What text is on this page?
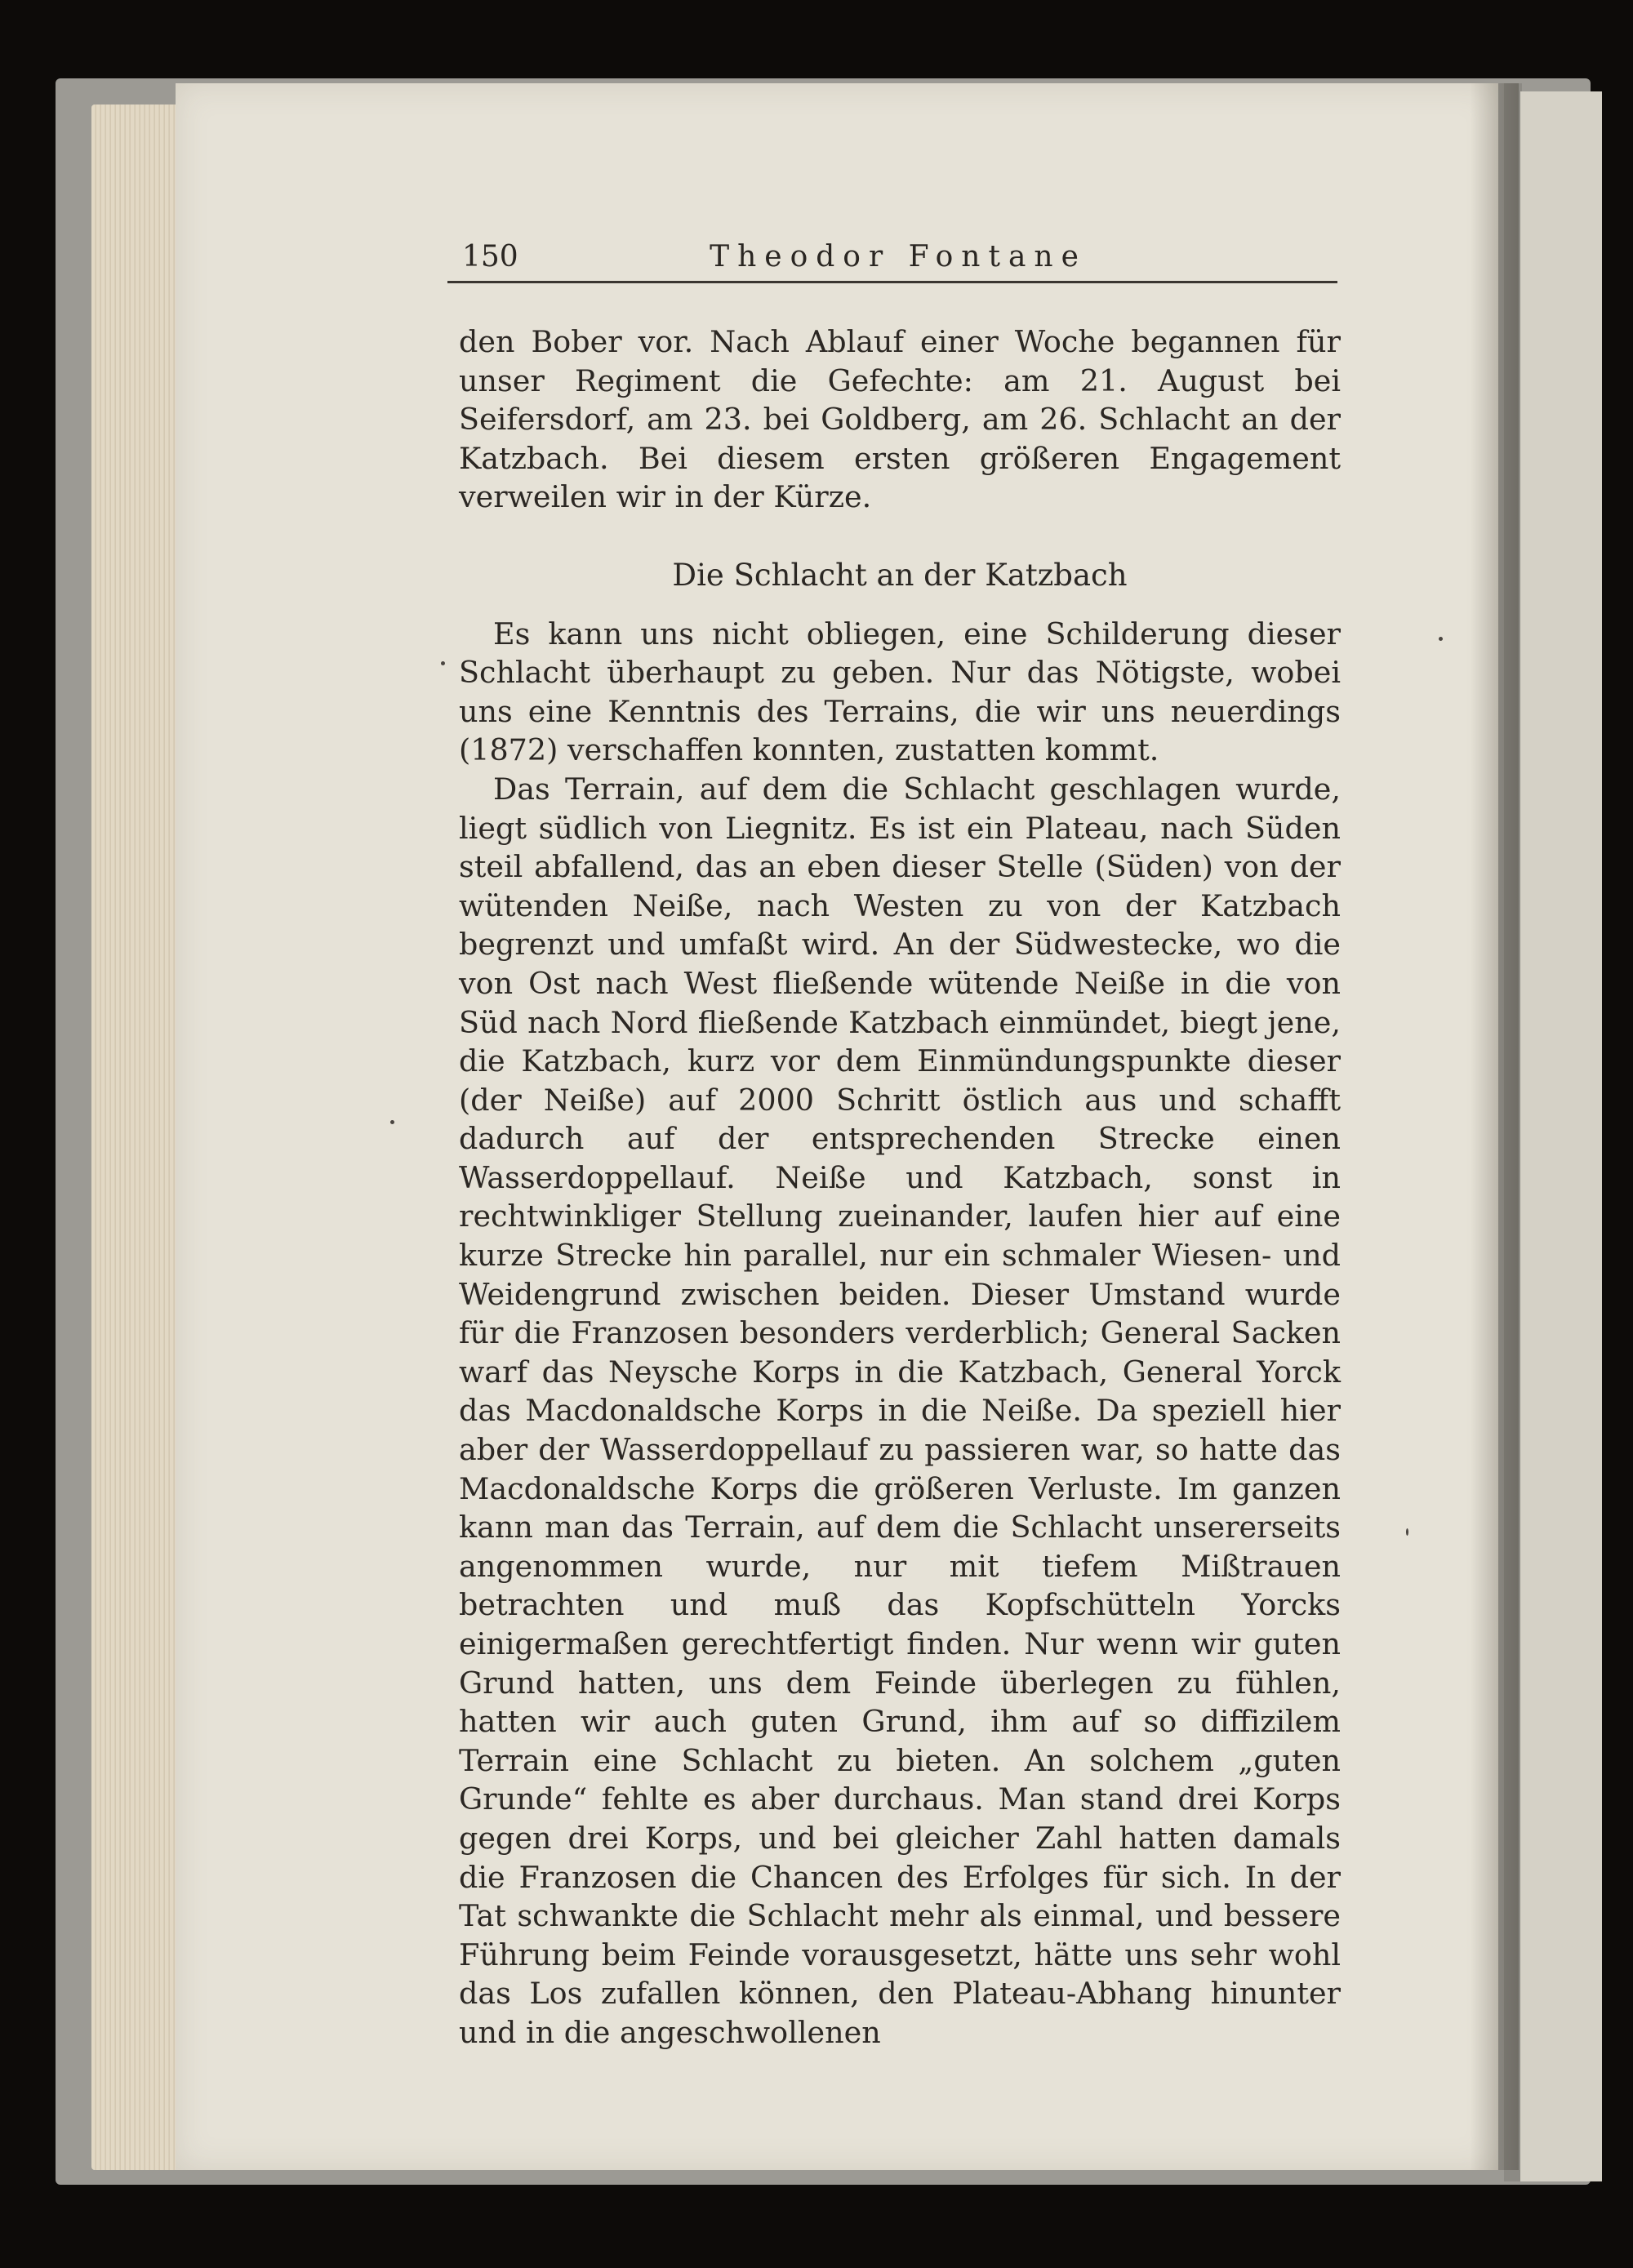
150	Theodor Fontane

den Bober vor. Nach Ablauf einer Woche begannen für unser Regiment die Gefechte: am 21. August bei Seifersdorf, am 23. bei Goldberg, am 26. Schlacht an der Katzbach. Bei diesem ersten größeren Engagement verweilen wir in der Kürze.

Die Schlacht an der Katzbach

Es kann uns nicht obliegen, eine Schilderung dieser Schlacht überhaupt zu geben. Nur das Nötigste, wobei uns eine Kenntnis des Terrains, die wir uns neuerdings (1872) verschaffen konnten, zustatten kommt.

Das Terrain, auf dem die Schlacht geschlagen wurde, liegt südlich von Liegnitz. Es ist ein Plateau, nach Süden steil abfallend, das an eben dieser Stelle (Süden) von der wütenden Neiße, nach Westen zu von der Katzbach begrenzt und umfaßt wird. An der Südwestecke, wo die von Ost nach West fließende wütende Neiße in die von Süd nach Nord fließende Katzbach einmündet, biegt jene, die Katzbach, kurz vor dem Einmündungspunkte dieser (der Neiße) auf 2000 Schritt östlich aus und schafft dadurch auf der entsprechenden Strecke einen Wasserdoppellauf. Neiße und Katzbach, sonst in rechtwinkliger Stellung zueinander, laufen hier auf eine kurze Strecke hin parallel, nur ein schmaler Wiesen- und Weidengrund zwischen beiden. Dieser Umstand wurde für die Franzosen besonders verderblich; General Sacken warf das Neysche Korps in die Katzbach, General Yorck das Macdonaldsche Korps in die Neiße. Da speziell hier aber der Wasserdoppellauf zu passieren war, so hatte das Macdonaldsche Korps die größeren Verluste. Im ganzen kann man das Terrain, auf dem die Schlacht unsererseits angenommen wurde, nur mit tiefem Mißtrauen betrachten und muß das Kopfschütteln Yorcks einigermaßen gerechtfertigt finden. Nur wenn wir guten Grund hatten, uns dem Feinde überlegen zu fühlen, hatten wir auch guten Grund, ihm auf so diffizilem Terrain eine Schlacht zu bieten. An solchem „guten Grunde“ fehlte es aber durchaus. Man stand drei Korps gegen drei Korps, und bei gleicher Zahl hatten damals die Franzosen die Chancen des Erfolges für sich. In der Tat schwankte die Schlacht mehr als einmal, und bessere Führung beim Feinde vorausgesetzt, hätte uns sehr wohl das Los zufallen können, den Plateau-Abhang hinunter und in die angeschwollenen
